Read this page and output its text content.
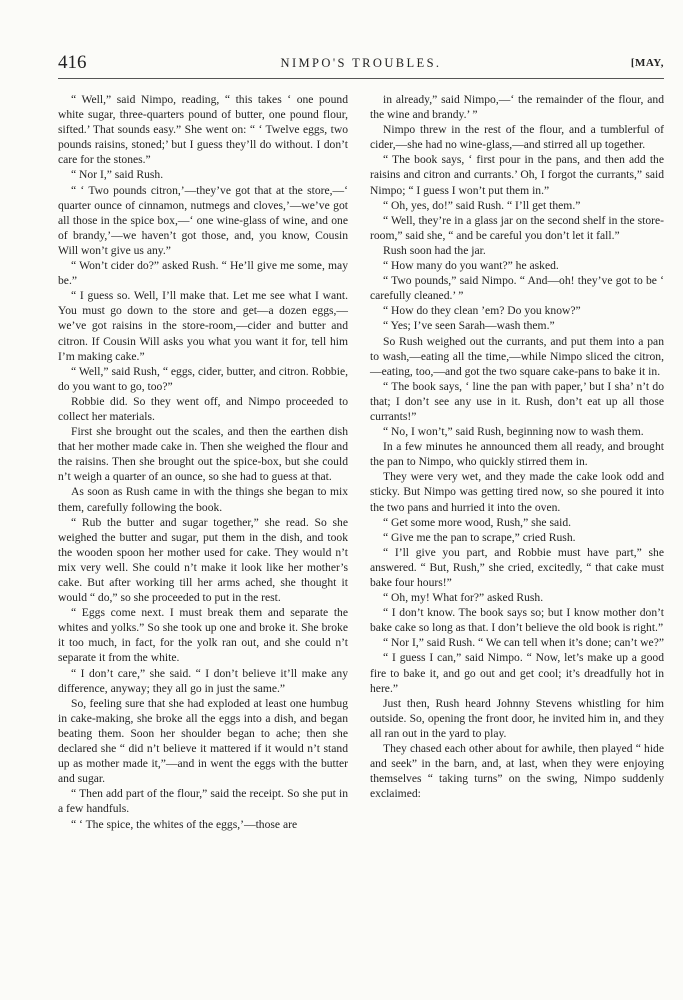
416	NIMPO'S TROUBLES.	[MAY,

“ Well,” said Nimpo, reading, “ this takes ‘ one pound white sugar, three-quarters pound of butter, one pound flour, sifted.’ That sounds easy.” She went on: “ ‘ Twelve eggs, two pounds raisins, stoned;’ but I guess they’ll do without. I don’t care for the stones.”

“ Nor I,” said Rush.

“ ‘ Two pounds citron,’—they’ve got that at the store,—‘ quarter ounce of cinnamon, nutmegs and cloves,’—we’ve got all those in the spice box,—‘ one wine-glass of wine, and one of brandy,’—we haven’t got those, and, you know, Cousin Will won’t give us any.”

“ Won’t cider do?” asked Rush. “ He’ll give me some, may be.”

“ I guess so. Well, I’ll make that. Let me see what I want. You must go down to the store and get—a dozen eggs,—we’ve got raisins in the store-room,—cider and butter and citron. If Cousin Will asks you what you want it for, tell him I’m making cake.”

“ Well,” said Rush, “ eggs, cider, butter, and citron. Robbie, do you want to go, too?”

Robbie did. So they went off, and Nimpo proceeded to collect her materials.

First she brought out the scales, and then the earthen dish that her mother made cake in. Then she weighed the flour and the raisins. Then she brought out the spice-box, but she could n’t weigh a quarter of an ounce, so she had to guess at that.

As soon as Rush came in with the things she began to mix them, carefully following the book.

“ Rub the butter and sugar together,” she read. So she weighed the butter and sugar, put them in the dish, and took the wooden spoon her mother used for cake. They would n’t mix very well. She could n’t make it look like her mother’s cake. But after working till her arms ached, she thought it would “ do,” so she proceeded to put in the rest.

“ Eggs come next. I must break them and separate the whites and yolks.” So she took up one and broke it. She broke it too much, in fact, for the yolk ran out, and she could n’t separate it from the white.

“ I don’t care,” she said. “ I don’t believe it’ll make any difference, anyway; they all go in just the same.”

So, feeling sure that she had exploded at least one humbug in cake-making, she broke all the eggs into a dish, and began beating them. Soon her shoulder began to ache; then she declared she “ did n’t believe it mattered if it would n’t stand up as mother made it,”—and in went the eggs with the butter and sugar.

“ Then add part of the flour,” said the receipt. So she put in a few handfuls.

“ ‘ The spice, the whites of the eggs,’—those are

in already,” said Nimpo,—‘ the remainder of the flour, and the wine and brandy.’ ”

Nimpo threw in the rest of the flour, and a tumblerful of cider,—she had no wine-glass,—and stirred all up together.

“ The book says, ‘ first pour in the pans, and then add the raisins and citron and currants.’ Oh, I forgot the currants,” said Nimpo; “ I guess I won’t put them in.”

“ Oh, yes, do!” said Rush. “ I’ll get them.”

“ Well, they’re in a glass jar on the second shelf in the store-room,” said she, “ and be careful you don’t let it fall.”

Rush soon had the jar.

“ How many do you want?” he asked.

“ Two pounds,” said Nimpo. “ And—oh! they’ve got to be ‘ carefully cleaned.’ ”

“ How do they clean ’em? Do you know?”

“ Yes; I’ve seen Sarah—wash them.”

So Rush weighed out the currants, and put them into a pan to wash,—eating all the time,—while Nimpo sliced the citron,—eating, too,—and got the two square cake-pans to bake it in.

“ The book says, ‘ line the pan with paper,’ but I sha’ n’t do that; I don’t see any use in it. Rush, don’t eat up all those currants!”

“ No, I won’t,” said Rush, beginning now to wash them.

In a few minutes he announced them all ready, and brought the pan to Nimpo, who quickly stirred them in.

They were very wet, and they made the cake look odd and sticky. But Nimpo was getting tired now, so she poured it into the two pans and hurried it into the oven.

“ Get some more wood, Rush,” she said.

“ Give me the pan to scrape,” cried Rush.

“ I’ll give you part, and Robbie must have part,” she answered. “ But, Rush,” she cried, excitedly, “ that cake must bake four hours!”

“ Oh, my! What for?” asked Rush.

“ I don’t know. The book says so; but I know mother don’t bake cake so long as that. I don’t believe the old book is right.”

“ Nor I,” said Rush. “ We can tell when it’s done; can’t we?”

“ I guess I can,” said Nimpo. “ Now, let’s make up a good fire to bake it, and go out and get cool; it’s dreadfully hot in here.”

Just then, Rush heard Johnny Stevens whistling for him outside. So, opening the front door, he invited him in, and they all ran out in the yard to play.

They chased each other about for awhile, then played “ hide and seek” in the barn, and, at last, when they were enjoying themselves “ taking turns” on the swing, Nimpo suddenly exclaimed:
